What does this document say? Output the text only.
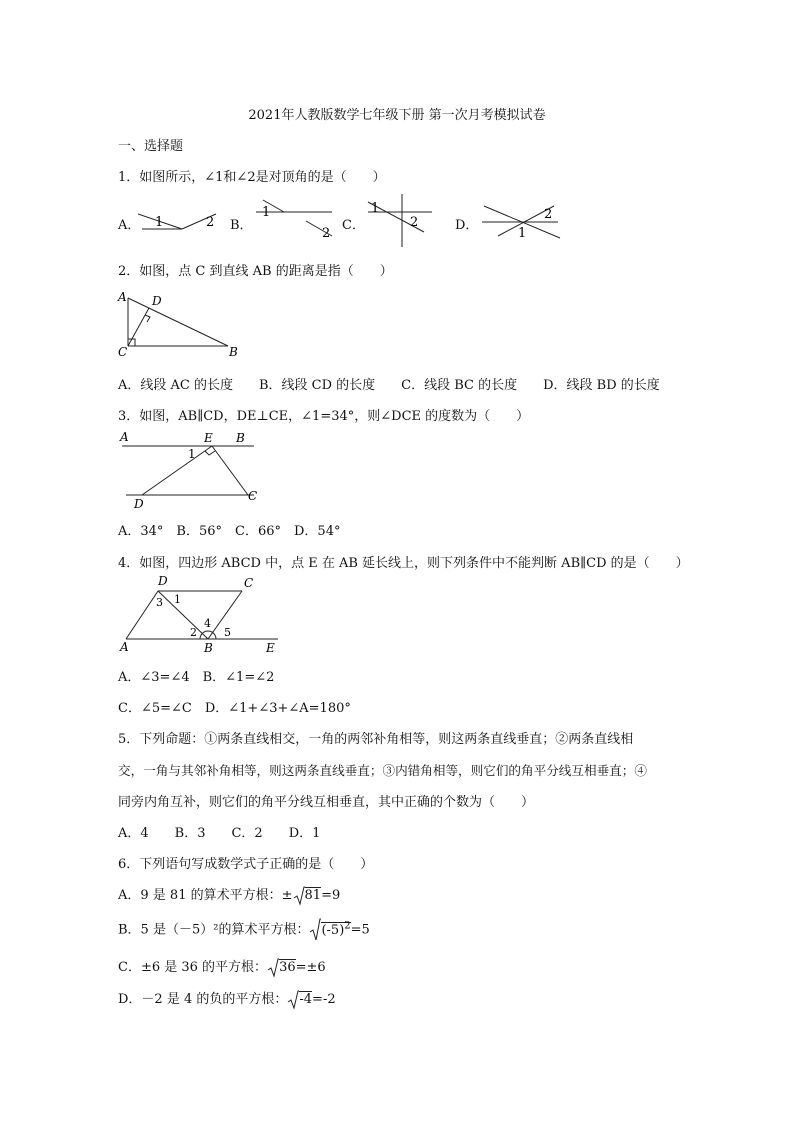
2021年人教版数学七年级下册 第一次月考模拟试卷
一、选择题
1．如图所示，∠1和∠2是对顶角的是（　　）
A．	B．	C．	D．
1	2
1
2
1
2
2
1
2．如图，点 C 到直线 AB 的距离是指（　　）
A D
C	B
A．线段 AC 的长度　　B．线段 CD 的长度　　C．线段 BC 的长度　　D．线段 BD 的长度
3．如图，AB∥CD，DE⊥CE，∠1=34°，则∠DCE 的度数为（　　）
A	E B
1
D
C
A．34°　B．56°　C．66°　D．54°
4．如图，四边形 ABCD 中，点 E 在 AB 延长线上，则下列条件中不能判断 AB∥CD 的是（　　）
D	C
A	B	E
1
3
2
4
5
A．∠3=∠4　B．∠1=∠2
C．∠5=∠C　D．∠1+∠3+∠A=180°
5．下列命题：①两条直线相交，一角的两邻补角相等，则这两条直线垂直；②两条直线相
交，一角与其邻补角相等，则这两条直线垂直；③内错角相等，则它们的角平分线互相垂直；④
同旁内角互补，则它们的角平分线互相垂直，其中正确的个数为（　　）
A．4　　B．3　　C．2　　D．1
6．下列语句写成数学式子正确的是（　　）
A．9 是 81 的算术平方根：± 81=9
B．5 是（－5）²的算术平方根： $(-5)^2=5$
C．±6 是 36 的平方根： 36=±6
D．－2 是 4 的负的平方根： -4=-2
